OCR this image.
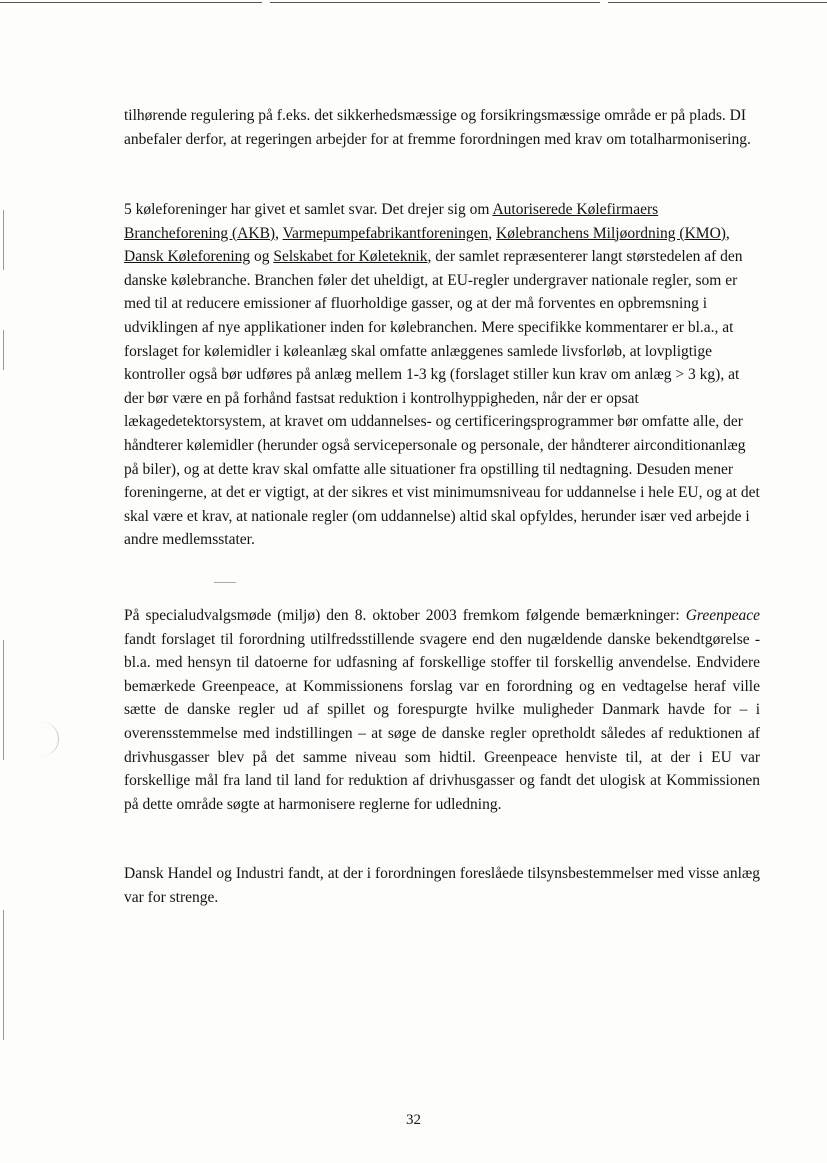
tilhørende regulering på f.eks. det sikkerhedsmæssige og forsikringsmæssige område er på plads. DI anbefaler derfor, at regeringen arbejder for at fremme forordningen med krav om totalharmonisering.

5 køleforeninger har givet et samlet svar. Det drejer sig om Autoriserede Kølefirmaers Brancheforening (AKB), Varmepumpefabrikantforeningen, Kølebranchens Miljøordning (KMO), Dansk Køleforening og Selskabet for Køleteknik, der samlet repræsenterer langt størstedelen af den danske kølebranche. Branchen føler det uheldigt, at EU-regler undergraver nationale regler, som er med til at reducere emissioner af fluorholdige gasser, og at der må forventes en opbremsning i udviklingen af nye applikationer inden for kølebranchen. Mere specifikke kommentarer er bl.a., at forslaget for kølemidler i køleanlæg skal omfatte anlæggenes samlede livsforløb, at lovpligtige kontroller også bør udføres på anlæg mellem 1-3 kg (forslaget stiller kun krav om anlæg > 3 kg), at der bør være en på forhånd fastsat reduktion i kontrolhyppigheden, når der er opsat lækagedetektorsystem, at kravet om uddannelses- og certificeringsprogrammer bør omfatte alle, der håndterer kølemidler (herunder også servicepersonale og personale, der håndterer airconditionanlæg på biler), og at dette krav skal omfatte alle situationer fra opstilling til nedtagning. Desuden mener foreningerne, at det er vigtigt, at der sikres et vist minimumsniveau for uddannelse i hele EU, og at det skal være et krav, at nationale regler (om uddannelse) altid skal opfyldes, herunder især ved arbejde i andre medlemsstater.

På specialudvalgsmøde (miljø) den 8. oktober 2003 fremkom følgende bemærkninger: Greenpeace fandt forslaget til forordning utilfredsstillende svagere end den nugældende danske bekendtgørelse - bl.a. med hensyn til datoerne for udfasning af forskellige stoffer til forskellig anvendelse. Endvidere bemærkede Greenpeace, at Kommissionens forslag var en forordning og en vedtagelse heraf ville sætte de danske regler ud af spillet og forespurgte hvilke muligheder Danmark havde for – i overensstemmelse med indstillingen – at søge de danske regler opretholdt således af reduktionen af drivhusgasser blev på det samme niveau som hidtil. Greenpeace henviste til, at der i EU var forskellige mål fra land til land for reduktion af drivhusgasser og fandt det ulogisk at Kommissionen på dette område søgte at harmonisere reglerne for udledning.

Dansk Handel og Industri fandt, at der i forordningen foreslåede tilsynsbestemmelser med visse anlæg var for strenge.

32
